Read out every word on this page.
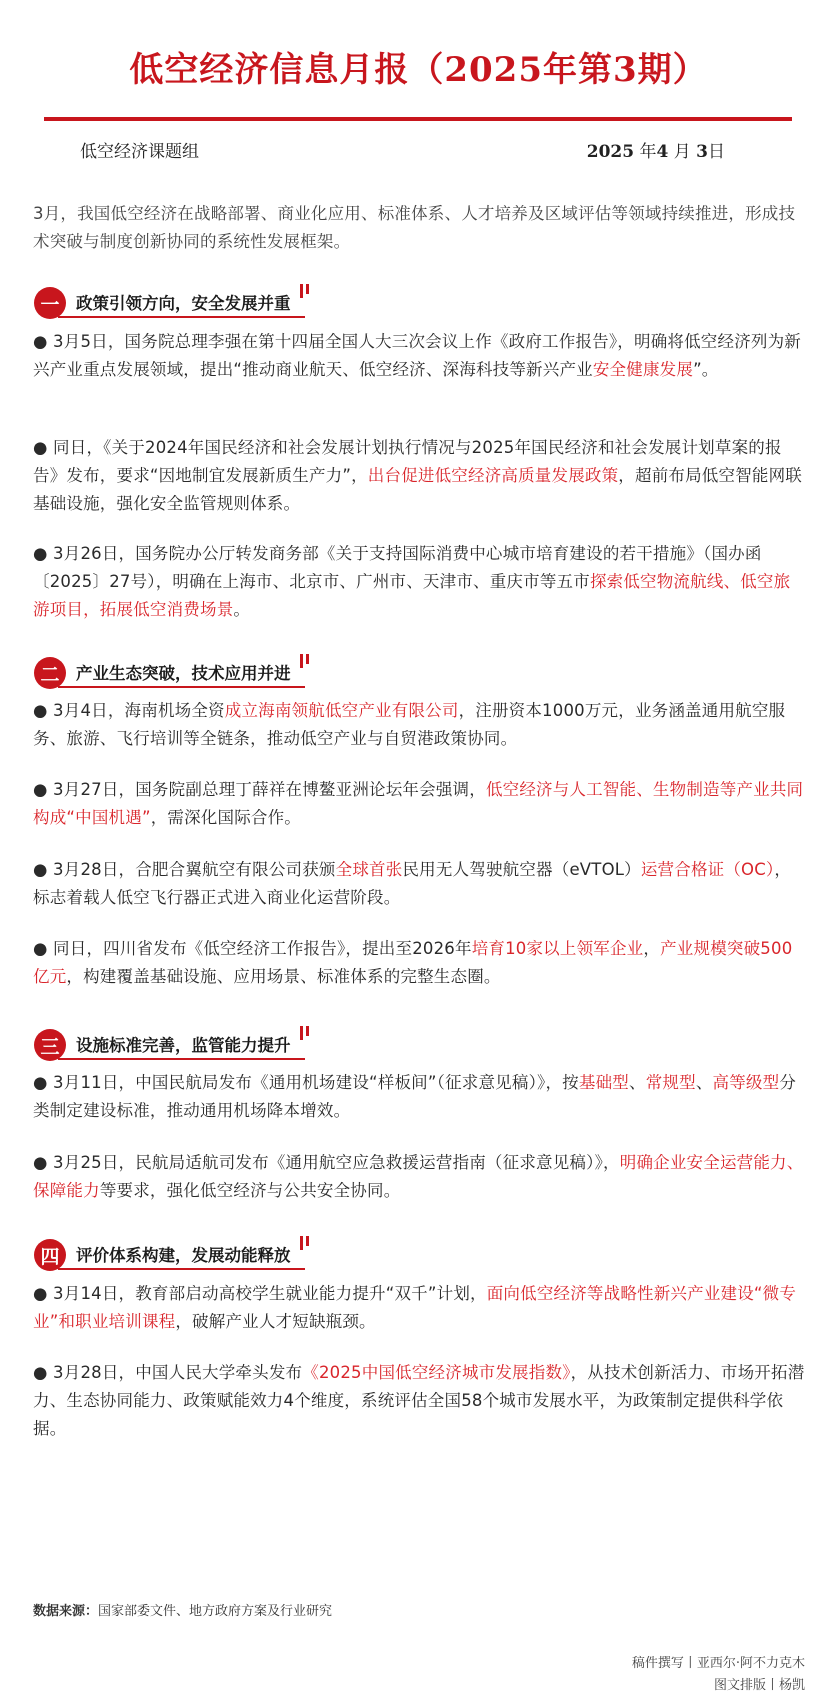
低空经济信息月报（2025年第3期）
低空经济课题组	2025 年4 月 3日

3月，我国低空经济在战略部署、商业化应用、标准体系、人才培养及区域评估等领域持续推进，形成技术突破与制度创新协同的系统性发展框架。

一	政策引领方向，安全发展并重

● 3月5日，国务院总理李强在第十四届全国人大三次会议上作《政府工作报告》，明确将低空经济列为新兴产业重点发展领域，提出“推动商业航天、低空经济、深海科技等新兴产业安全健康发展”。

● 同日，《关于2024年国民经济和社会发展计划执行情况与2025年国民经济和社会发展计划草案的报告》发布，要求“因地制宜发展新质生产力”，出台促进低空经济高质量发展政策，超前布局低空智能网联基础设施，强化安全监管规则体系。

● 3月26日，国务院办公厅转发商务部《关于支持国际消费中心城市培育建设的若干措施》（国办函〔2025〕27号），明确在上海市、北京市、广州市、天津市、重庆市等五市探索低空物流航线、低空旅游项目，拓展低空消费场景。

二	产业生态突破，技术应用并进

● 3月4日，海南机场全资成立海南领航低空产业有限公司，注册资本1000万元，业务涵盖通用航空服务、旅游、飞行培训等全链条，推动低空产业与自贸港政策协同。

● 3月27日，国务院副总理丁薛祥在博鳌亚洲论坛年会强调，低空经济与人工智能、生物制造等产业共同构成“中国机遇”，需深化国际合作。

● 3月28日，合肥合翼航空有限公司获颁全球首张民用无人驾驶航空器（eVTOL）运营合格证（OC），标志着载人低空飞行器正式进入商业化运营阶段。

● 同日，四川省发布《低空经济工作报告》，提出至2026年培育10家以上领军企业，产业规模突破500亿元，构建覆盖基础设施、应用场景、标准体系的完整生态圈。

三	设施标准完善，监管能力提升

● 3月11日，中国民航局发布《通用机场建设“样板间”（征求意见稿）》，按基础型、常规型、高等级型分类制定建设标准，推动通用机场降本增效。

● 3月25日，民航局适航司发布《通用航空应急救援运营指南（征求意见稿）》，明确企业安全运营能力、保障能力等要求，强化低空经济与公共安全协同。

四	评价体系构建，发展动能释放

● 3月14日，教育部启动高校学生就业能力提升“双千”计划，面向低空经济等战略性新兴产业建设“微专业”和职业培训课程，破解产业人才短缺瓶颈。

● 3月28日，中国人民大学牵头发布《2025中国低空经济城市发展指数》，从技术创新活力、市场开拓潜力、生态协同能力、政策赋能效力4个维度，系统评估全国58个城市发展水平，为政策制定提供科学依据。

数据来源：国家部委文件、地方政府方案及行业研究
稿件撰写丨亚西尔·阿不力克木
图文排版丨杨凯
